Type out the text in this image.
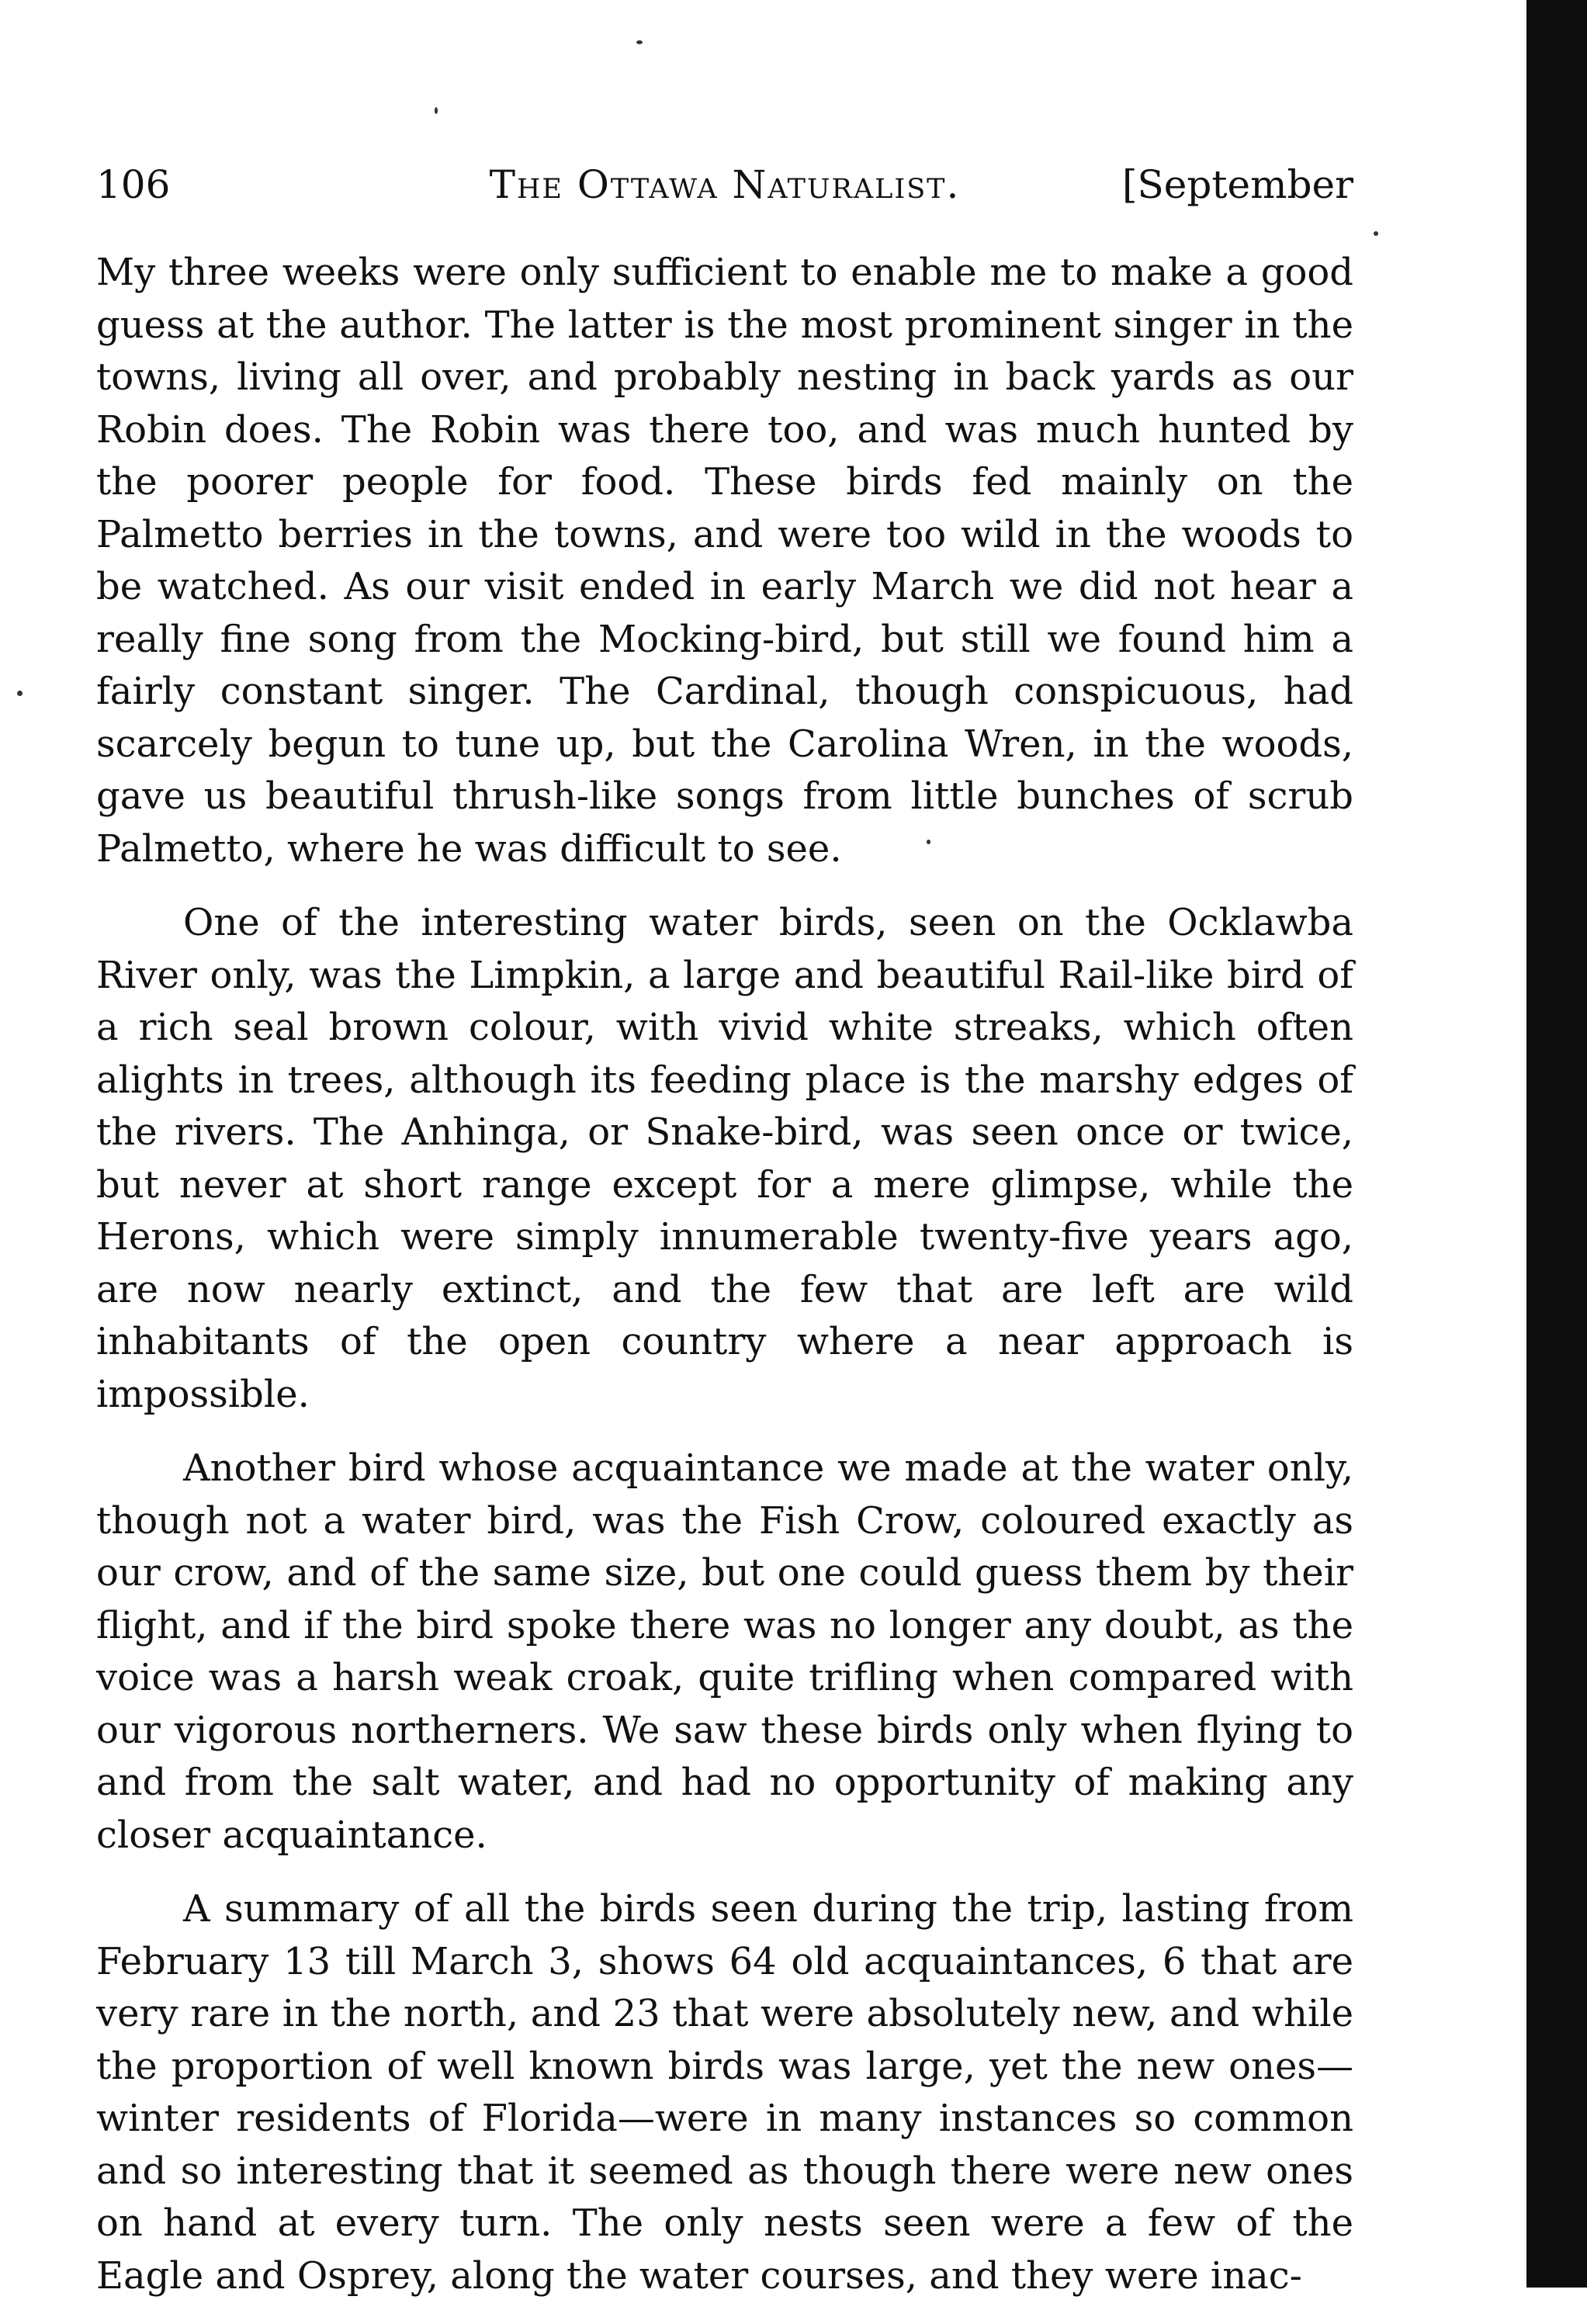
106	The Ottawa Naturalist.	[September

My three weeks were only sufficient to enable me to make a good guess at the author. The latter is the most prominent singer in the towns, living all over, and probably nesting in back yards as our Robin does. The Robin was there too, and was much hunted by the poorer people for food. These birds fed mainly on the Palmetto berries in the towns, and were too wild in the woods to be watched. As our visit ended in early March we did not hear a really fine song from the Mocking-bird, but still we found him a fairly constant singer. The Cardinal, though conspicuous, had scarcely begun to tune up, but the Carolina Wren, in the woods, gave us beautiful thrush-like songs from little bunches of scrub Palmetto, where he was difficult to see.

One of the interesting water birds, seen on the Ocklawba River only, was the Limpkin, a large and beautiful Rail-like bird of a rich seal brown colour, with vivid white streaks, which often alights in trees, although its feeding place is the marshy edges of the rivers. The Anhinga, or Snake-bird, was seen once or twice, but never at short range except for a mere glimpse, while the Herons, which were simply innumerable twenty-five years ago, are now nearly extinct, and the few that are left are wild inhabitants of the open country where a near approach is impossible.

Another bird whose acquaintance we made at the water only, though not a water bird, was the Fish Crow, coloured exactly as our crow, and of the same size, but one could guess them by their flight, and if the bird spoke there was no longer any doubt, as the voice was a harsh weak croak, quite trifling when compared with our vigorous northerners. We saw these birds only when flying to and from the salt water, and had no opportunity of making any closer acquaintance.

A summary of all the birds seen during the trip, lasting from February 13 till March 3, shows 64 old acquaintances, 6 that are very rare in the north, and 23 that were absolutely new, and while the proportion of well known birds was large, yet the new ones—winter residents of Florida—were in many instances so common and so interesting that it seemed as though there were new ones on hand at every turn. The only nests seen were a few of the Eagle and Osprey, along the water courses, and they were inac-
